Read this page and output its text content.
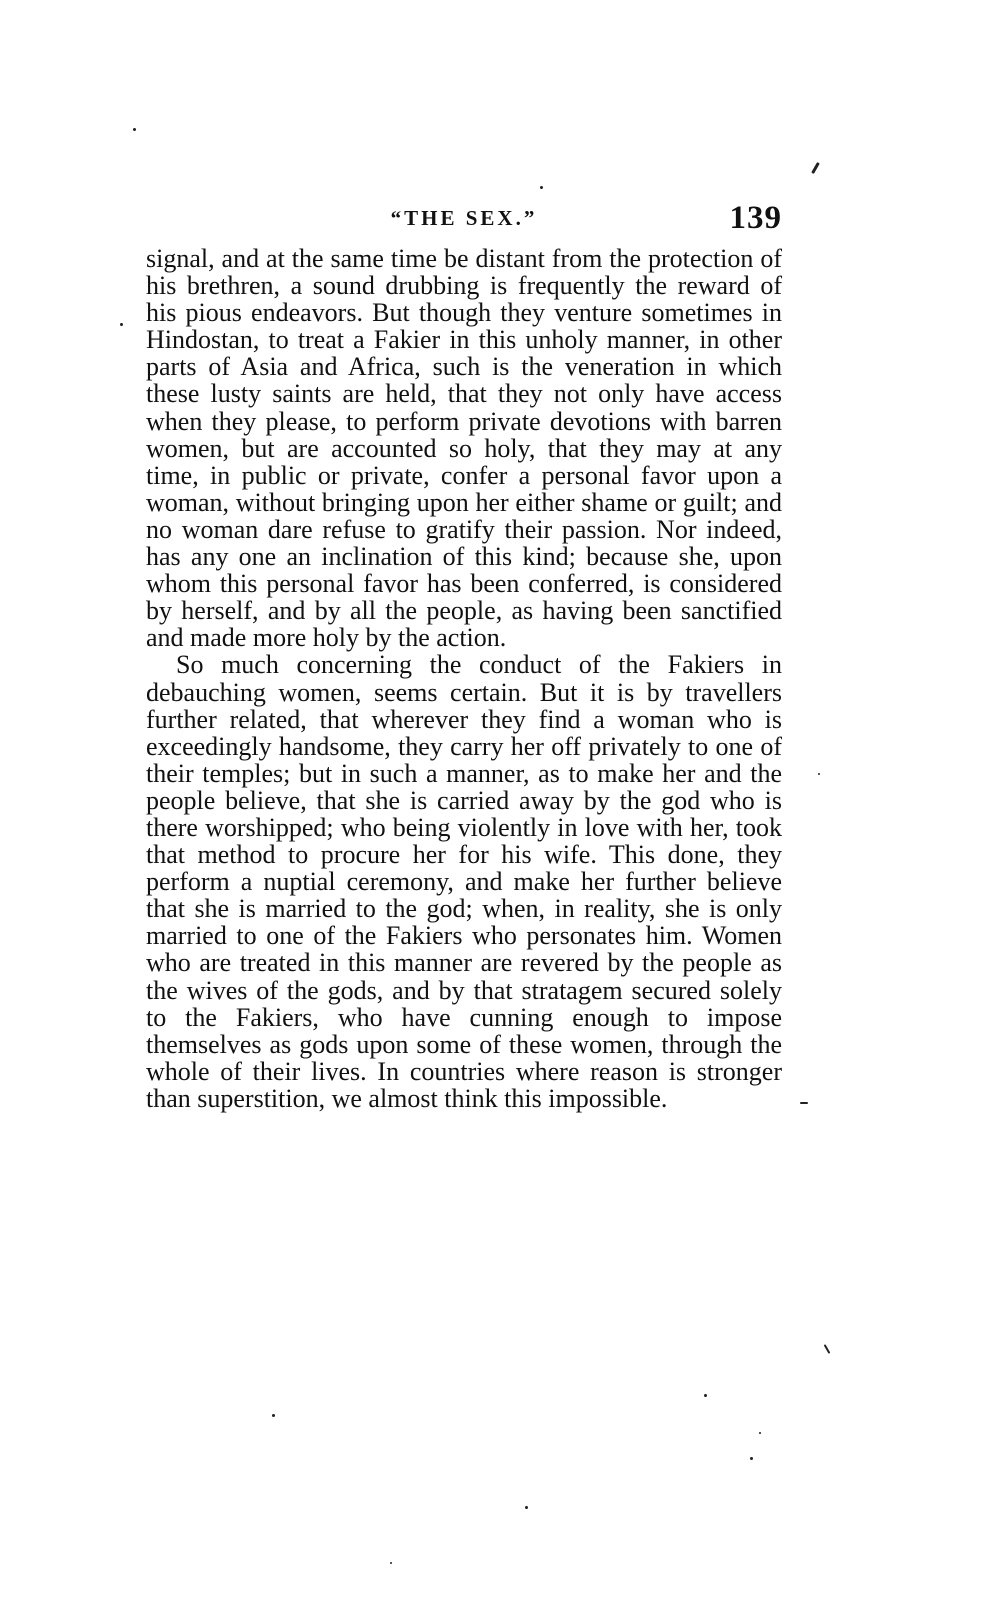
“THE SEX.”	139

signal, and at the same time be distant from the protection of his brethren, a sound drubbing is frequently the reward of his pious endeavors. But though they venture sometimes in Hindostan, to treat a Fakier in this unholy manner, in other parts of Asia and Africa, such is the veneration in which these lusty saints are held, that they not only have access when they please, to perform private devotions with barren women, but are accounted so holy, that they may at any time, in public or private, confer a personal favor upon a woman, without bringing upon her either shame or guilt; and no woman dare refuse to gratify their passion. Nor indeed, has any one an inclination of this kind; because she, upon whom this personal favor has been conferred, is considered by herself, and by all the people, as having been sanctified and made more holy by the action.

So much concerning the conduct of the Fakiers in debauching women, seems certain. But it is by travellers further related, that wherever they find a woman who is exceedingly handsome, they carry her off privately to one of their temples; but in such a manner, as to make her and the people believe, that she is carried away by the god who is there worshipped; who being violently in love with her, took that method to procure her for his wife. This done, they perform a nuptial ceremony, and make her further believe that she is married to the god; when, in reality, she is only married to one of the Fakiers who personates him. Women who are treated in this manner are revered by the people as the wives of the gods, and by that stratagem secured solely to the Fakiers, who have cunning enough to impose themselves as gods upon some of these women, through the whole of their lives. In countries where reason is stronger than superstition, we almost think this impossible.
